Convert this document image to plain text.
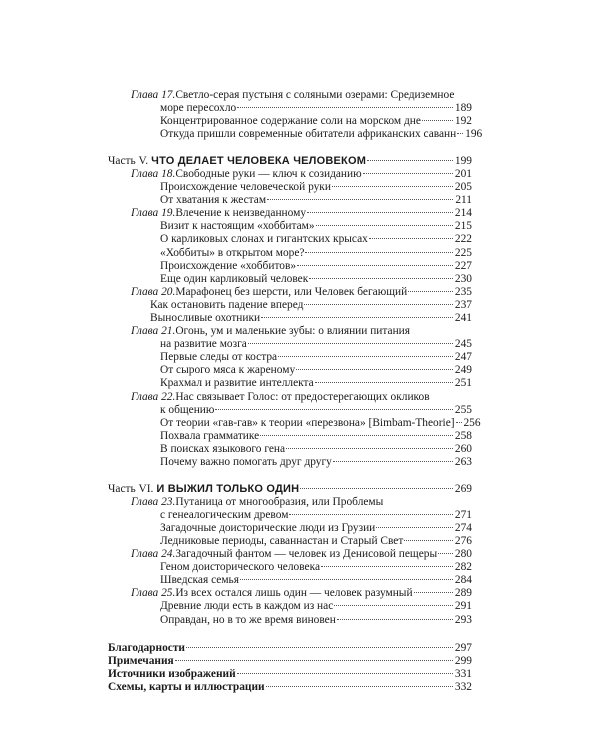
Глава 17. Светло-серая пустыня с соляными озерами: Средиземное
море пересохло	189
Концентрированное содержание соли на морском дне	192
Откуда пришли современные обитатели африканских саванн 196
Часть V. ЧТО ДЕЛАЕТ ЧЕЛОВЕКА ЧЕЛОВЕКОМ	199
Глава 18. Свободные руки — ключ к созиданию	201
Происхождение человеческой руки	205
От хватания к жестам	211
Глава 19. Влечение к неизведанному	214
Визит к настоящим «хоббитам»	215
О карликовых слонах и гигантских крысах	222
«Хоббиты» в открытом море?	225
Происхождение «хоббитов»	227
Еще один карликовый человек	230
Глава 20. Марафонец без шерсти, или Человек бегающий	235
Как остановить падение вперед	237
Выносливые охотники	241
Глава 21. Огонь, ум и маленькие зубы: о влиянии питания
на развитие мозга	245
Первые следы от костра	247
От сырого мяса к жареному	249
Крахмал и развитие интеллекта	251
Глава 22. Нас связывает Голос: от предостерегающих окликов
к общению	255
От теории «гав-гав» к теории «перезвона» [Bimbam-Theorie] 256
Похвала грамматике	258
В поисках языкового гена	260
Почему важно помогать друг другу	263
Часть VI. И ВЫЖИЛ ТОЛЬКО ОДИН	269
Глава 23. Путаница от многообразия, или Проблемы
с генеалогическим древом	271
Загадочные доисторические люди из Грузии	274
Ледниковые периоды, саваннастан и Старый Свет	276
Глава 24. Загадочный фантом — человек из Денисовой пещеры 280
Геном доисторического человека	282
Шведская семья	284
Глава 25. Из всех остался лишь один — человек разумный	289
Древние люди есть в каждом из нас	291
Оправдан, но в то же время виновен	293
Благодарности	297
Примечания	299
Источники изображений	331
Схемы, карты и иллюстрации	332
